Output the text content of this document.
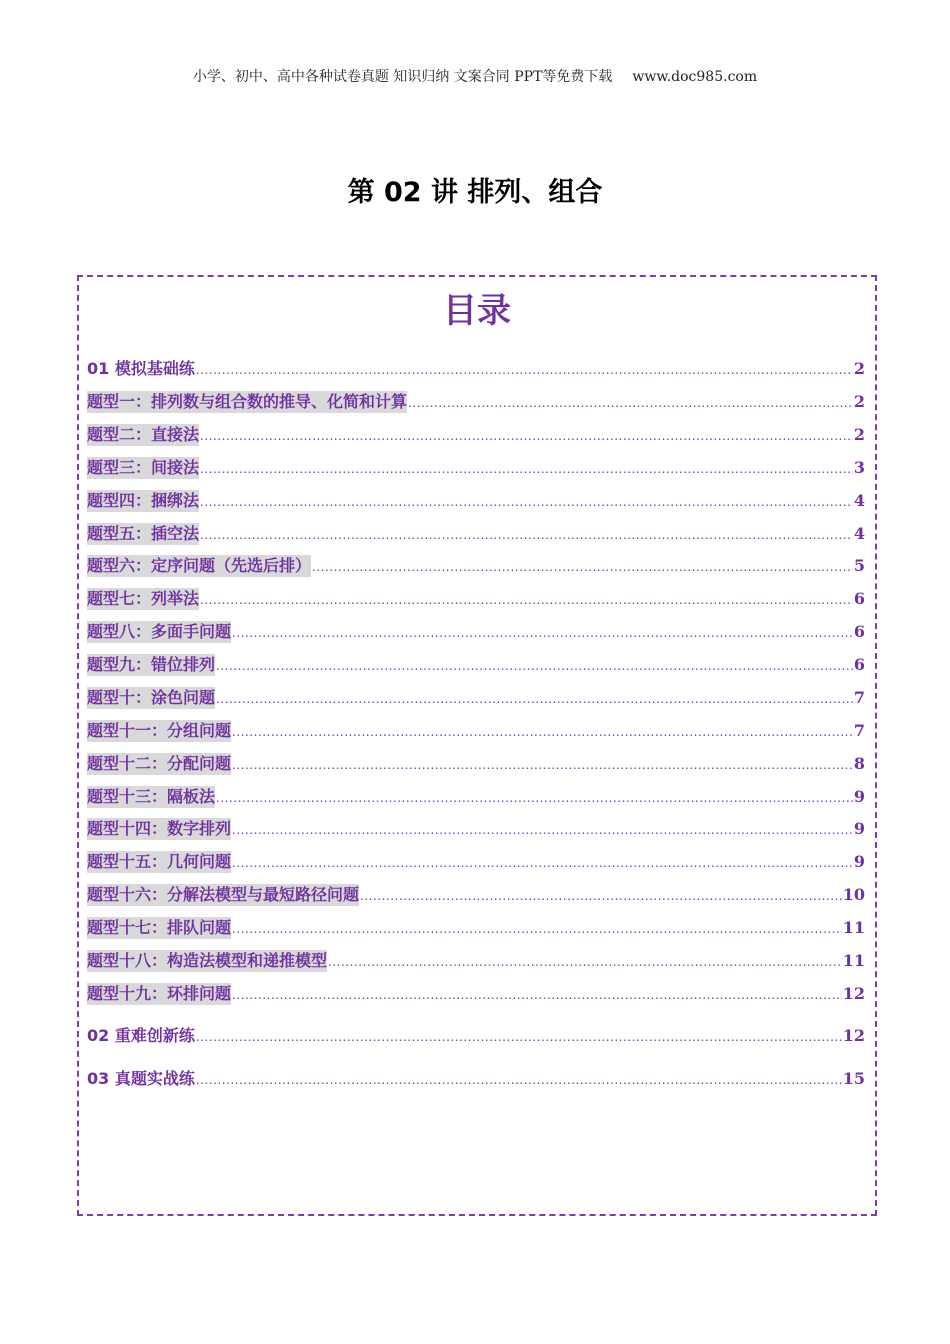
小学、初中、高中各种试卷真题 知识归纳 文案合同 PPT等免费下载 www.doc985.com
第 02 讲 排列、组合
目录
01 模拟基础练 .....	2
题型一：排列数与组合数的推导、化简和计算 .....	2
题型二：直接法 .....	2
题型三：间接法 .....	3
题型四：捆绑法 .....	4
题型五：插空法 .....	4
题型六：定序问题（先选后排） .....	5
题型七：列举法 .....	6
题型八：多面手问题 .....	6
题型九：错位排列 .....	6
题型十：涂色问题 .....	7
题型十一：分组问题 .....	7
题型十二：分配问题 .....	8
题型十三：隔板法 .....	9
题型十四：数字排列 .....	9
题型十五：几何问题 .....	9
题型十六：分解法模型与最短路径问题 .....	10
题型十七：排队问题 .....	11
题型十八：构造法模型和递推模型 .....	11
题型十九：环排问题 .....	12
02 重难创新练 .....	12
03 真题实战练 .....	15
